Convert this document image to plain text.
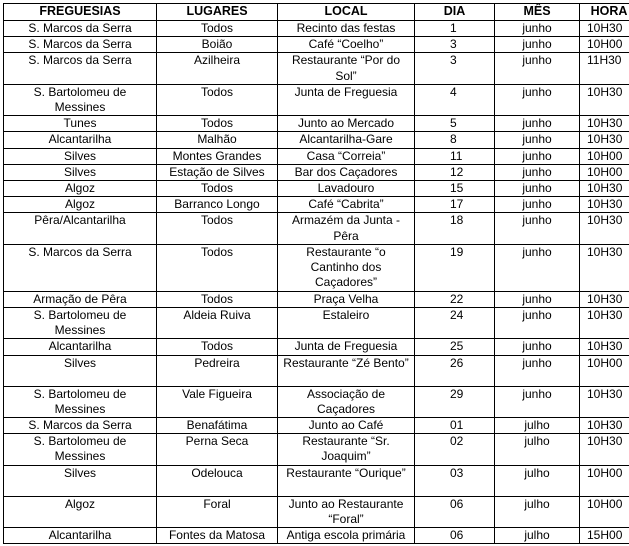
FREGUESIAS	LUGARES	LOCAL	DIA	MÊS	HORA
S. Marcos da Serra	Todos	Recinto das festas	1	junho	10H30
S. Marcos da Serra	Boião	Café “Coelho”	3	junho	10H00
S. Marcos da Serra	Azilheira	Restaurante “Por do Sol”	3	junho	11H30
S. Bartolomeu de Messines	Todos	Junta de Freguesia	4	junho	10H30
Tunes	Todos	Junto ao Mercado	5	junho	10H30
Alcantarilha	Malhão	Alcantarilha-Gare	8	junho	10H30
Silves	Montes Grandes	Casa “Correia”	11	junho	10H00
Silves	Estação de Silves	Bar dos Caçadores	12	junho	10H00
Algoz	Todos	Lavadouro	15	junho	10H30
Algoz	Barranco Longo	Café “Cabrita”	17	junho	10H30
Pêra/Alcantarilha	Todos	Armazém da Junta - Pêra	18	junho	10H30
S. Marcos da Serra	Todos	Restaurante “o Cantinho dos Caçadores”	19	junho	10H30
Armação de Pêra	Todos	Praça Velha	22	junho	10H30
S. Bartolomeu de Messines	Aldeia Ruiva	Estaleiro	24	junho	10H30
Alcantarilha	Todos	Junta de Freguesia	25	junho	10H30
Silves	Pedreira	Restaurante “Zé Bento”	26	junho	10H00
S. Bartolomeu de Messines	Vale Figueira	Associação de Caçadores	29	junho	10H30
S. Marcos da Serra	Benafátima	Junto ao Café	01	julho	10H30
S. Bartolomeu de Messines	Perna Seca	Restaurante “Sr. Joaquim”	02	julho	10H30
Silves	Odelouca	Restaurante “Ourique”	03	julho	10H00
Algoz	Foral	Junto ao Restaurante “Foral”	06	julho	10H00
Alcantarilha	Fontes da Matosa	Antiga escola primária	06	julho	15H00
